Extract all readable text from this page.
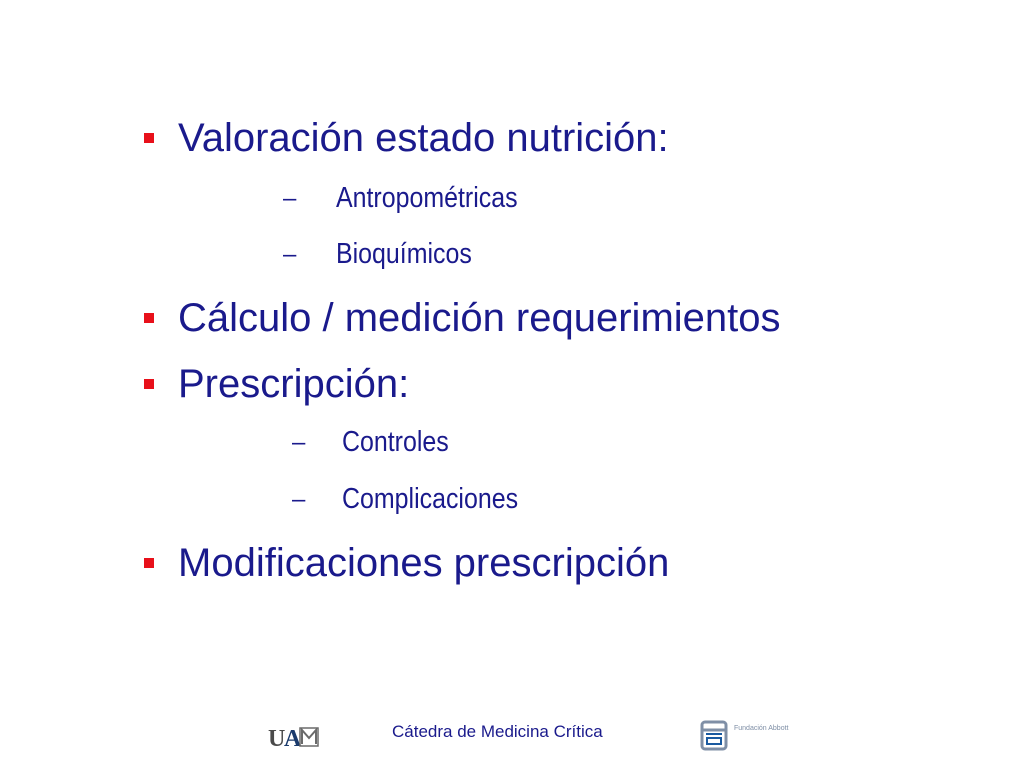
Valoración estado nutrición:
–	Antropométricas
–	Bioquímicos
Cálculo / medición requerimientos
Prescripción:
–	Controles
–	Complicaciones
Modificaciones prescripción
U
A	Cátedra de Medicina Crítica	Fundación Abbott
